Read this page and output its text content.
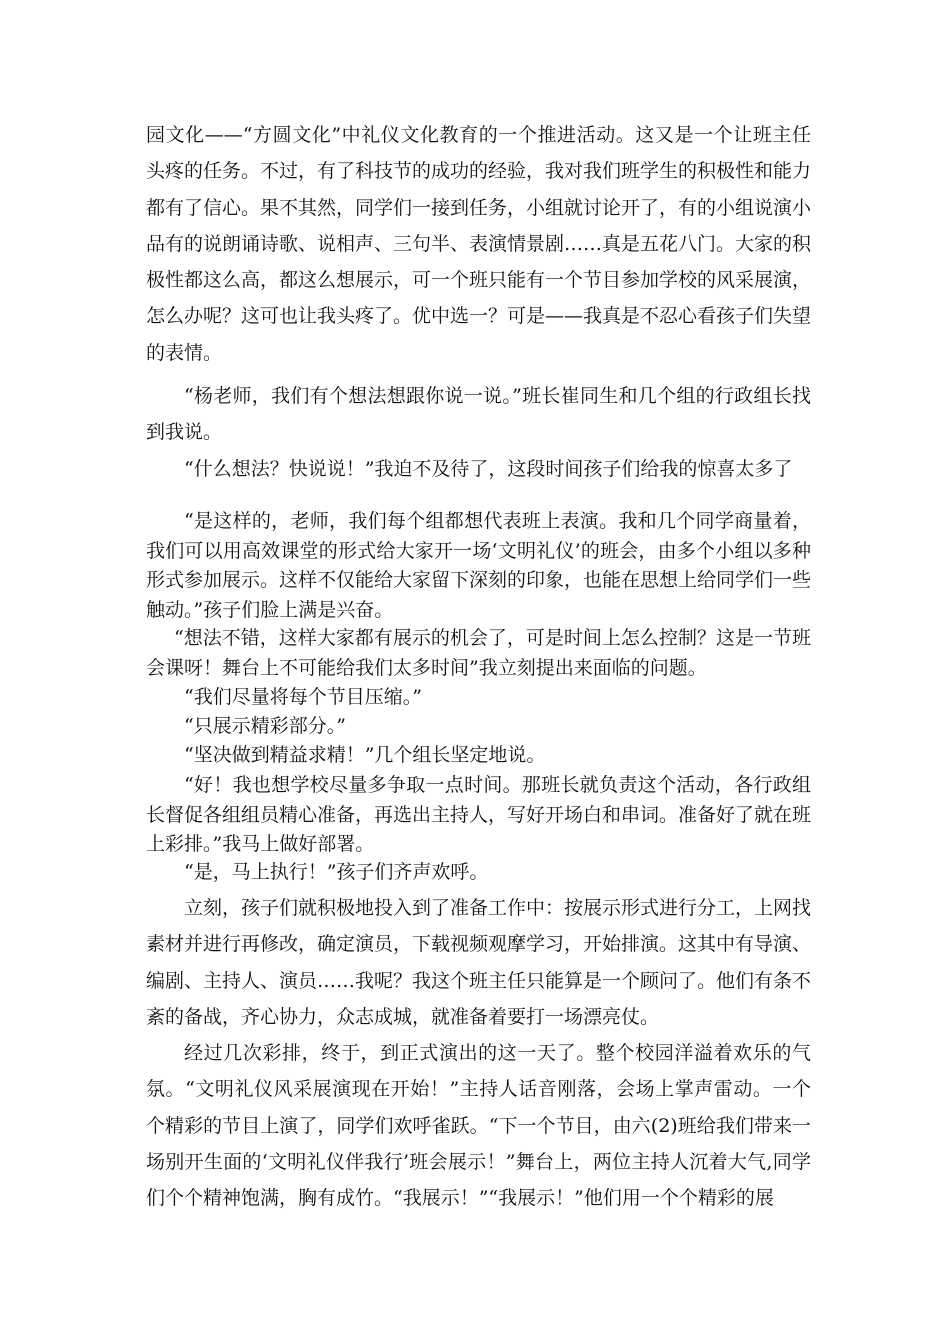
园文化——“方圆文化”中礼仪文化教育的一个推进活动。这又是一个让班主任头疼的任务。不过，有了科技节的成功的经验，我对我们班学生的积极性和能力都有了信心。果不其然，同学们一接到任务，小组就讨论开了，有的小组说演小品有的说朗诵诗歌、说相声、三句半、表演情景剧……真是五花八门。大家的积极性都这么高，都这么想展示，可一个班只能有一个节目参加学校的风采展演，怎么办呢？这可也让我头疼了。优中选一？可是——我真是不忍心看孩子们失望的表情。

“杨老师，我们有个想法想跟你说一说。”班长崔同生和几个组的行政组长找到我说。

“什么想法？快说说！”我迫不及待了，这段时间孩子们给我的惊喜太多了

“是这样的，老师，我们每个组都想代表班上表演。我和几个同学商量着，我们可以用高效课堂的形式给大家开一场‘文明礼仪’的班会，由多个小组以多种形式参加展示。这样不仅能给大家留下深刻的印象，也能在思想上给同学们一些触动。”孩子们脸上满是兴奋。

“想法不错，这样大家都有展示的机会了，可是时间上怎么控制？这是一节班会课呀！舞台上不可能给我们太多时间”我立刻提出来面临的问题。

“我们尽量将每个节目压缩。”

“只展示精彩部分。”

“坚决做到精益求精！”几个组长坚定地说。

“好！我也想学校尽量多争取一点时间。那班长就负责这个活动，各行政组长督促各组组员精心准备，再选出主持人，写好开场白和串词。准备好了就在班上彩排。”我马上做好部署。

“是，马上执行！”孩子们齐声欢呼。

立刻，孩子们就积极地投入到了准备工作中：按展示形式进行分工，上网找素材并进行再修改，确定演员，下载视频观摩学习，开始排演。这其中有导演、编剧、主持人、演员……我呢？我这个班主任只能算是一个顾问了。他们有条不紊的备战，齐心协力，众志成城，就准备着要打一场漂亮仗。

经过几次彩排，终于，到正式演出的这一天了。整个校园洋溢着欢乐的气氛。“文明礼仪风采展演现在开始！”主持人话音刚落，会场上掌声雷动。一个个精彩的节目上演了，同学们欢呼雀跃。“下一个节目，由六(2)班给我们带来一场别开生面的‘文明礼仪伴我行’班会展示！”舞台上，两位主持人沉着大气,同学们个个精神饱满，胸有成竹。“我展示！”“我展示！”他们用一个个精彩的展
